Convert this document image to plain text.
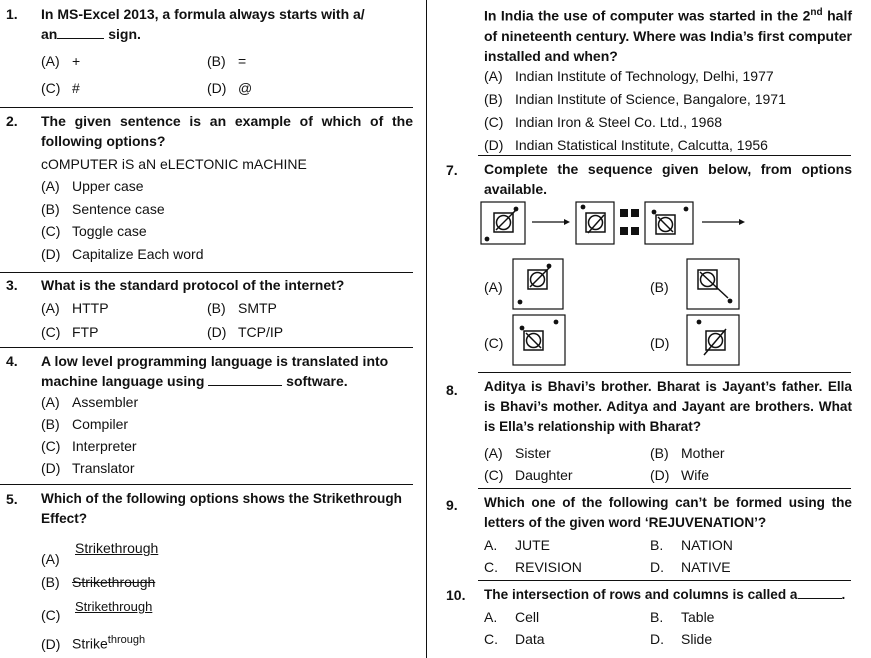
1. In MS-Excel 2013, a formula always starts with a/
an	sign.
(A) +	(B) =
(C) #	(D) @
2. The given sentence is an example of which of the following options?
cOMPUTER iS aN eLECTONIC mACHINE
(A) Upper case
(B) Sentence case
(C) Toggle case
(D) Capitalize Each word
3. What is the standard protocol of the internet?
(A) HTTP	(B) SMTP
(C) FTP	(D) TCP/IP
4. A low level programming language is translated into
machine language using	software.
(A) Assembler
(B) Compiler
(C) Interpreter
(D) Translator
5. Which of the following options shows the Strikethrough Effect?
(A)
Strikethrough
(B) Strikethrough
(C)
Strikethrough
(D) Strike$^{through}$
In India the use of computer was started in the 2nd half of nineteenth century. Where was India’s first computer installed and when?
(A) Indian Institute of Technology, Delhi, 1977
(B) Indian Institute of Science, Bangalore, 1971
(C) Indian Iron & Steel Co. Ltd., 1968
(D) Indian Statistical Institute, Calcutta, 1956
7. Complete the sequence given below, from options available.
(A)	(B)
(C)	(D)
8. Aditya is Bhavi’s brother. Bharat is Jayant’s father. Ella is Bhavi’s mother. Aditya and Jayant are brothers. What is Ella’s relationship with Bharat?
(A) Sister	(B) Mother
(C) Daughter	(D) Wife
9. Which one of the following can’t be formed using the letters of the given word ‘REJUVENATION’?
A. JUTE	B. NATION
C. REVISION	D. NATIVE
10. The intersection of rows and columns is called a	.
A. Cell	B. Table
C. Data	D. Slide
